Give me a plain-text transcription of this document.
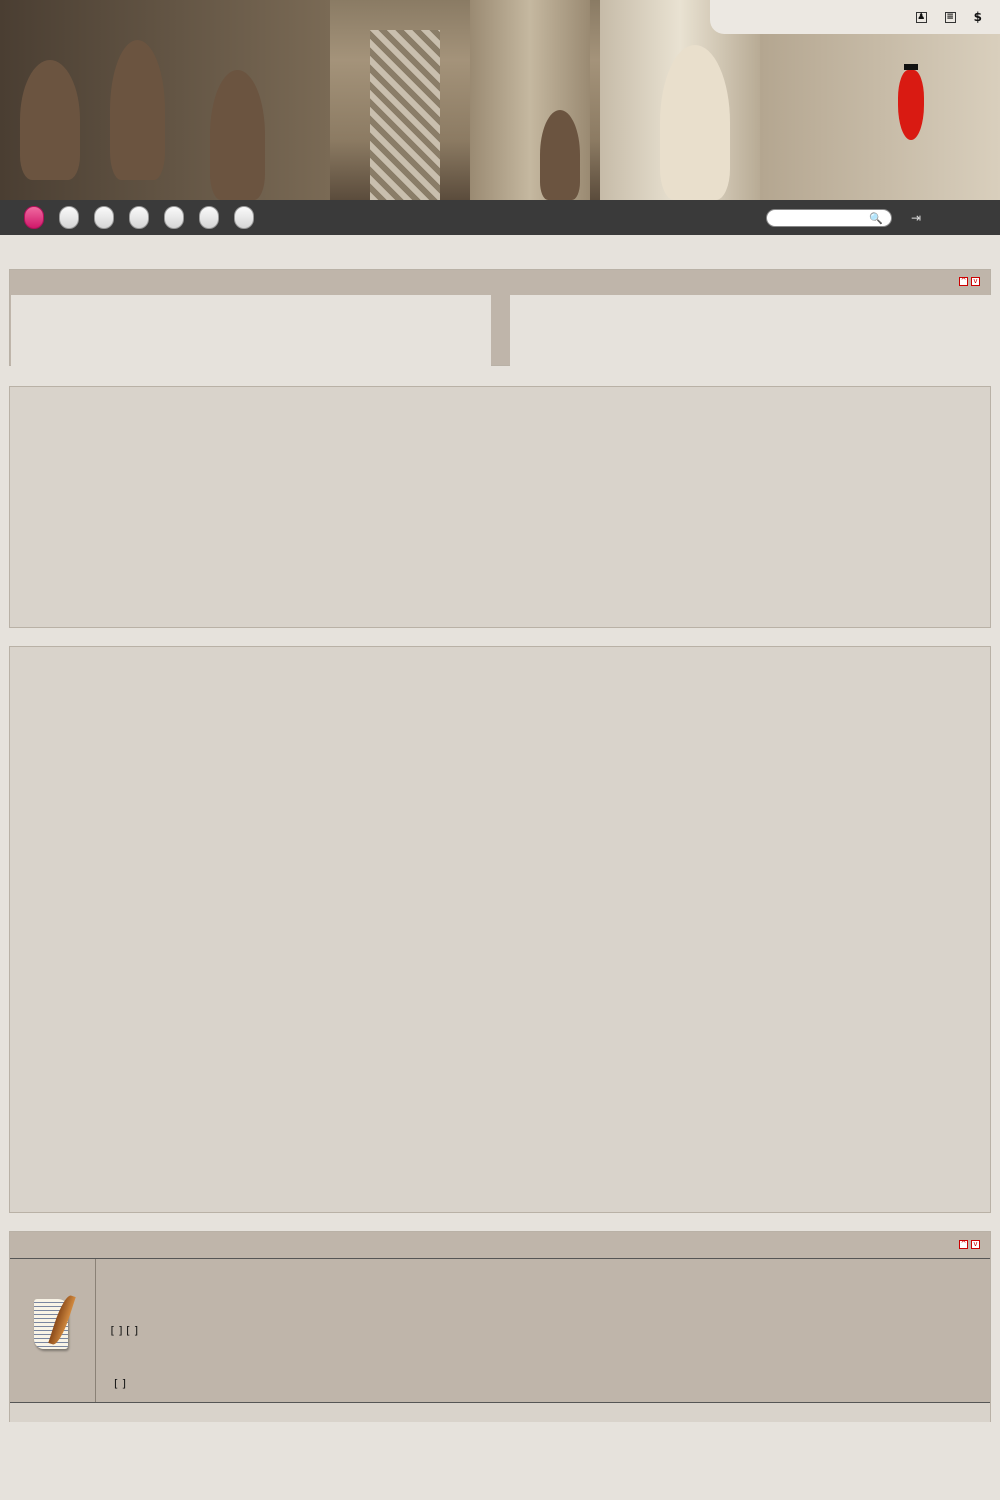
♟ ≡ $
🔍 ⇥
^ v
^ v
[ ] [ ]
[ ]
